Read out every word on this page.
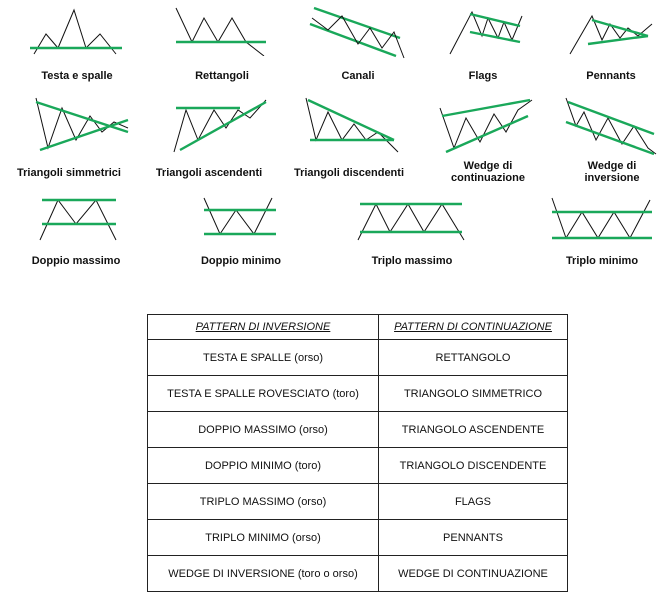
Testa e spalle	Rettangoli	Canali	Flags	Pennants
Triangoli simmetrici	Triangoli ascendenti	Triangoli discendenti
Wedge di continuazione
Wedge di inversione
Doppio massimo	Doppio minimo	Triplo massimo	Triplo minimo
PATTERN DI INVERSIONE	PATTERN DI CONTINUAZIONE
TESTA E SPALLE (orso)	RETTANGOLO
TESTA E SPALLE ROVESCIATO (toro)	TRIANGOLO SIMMETRICO
DOPPIO MASSIMO (orso)	TRIANGOLO ASCENDENTE
DOPPIO MINIMO (toro)	TRIANGOLO DISCENDENTE
TRIPLO MASSIMO (orso)	FLAGS
TRIPLO MINIMO (orso)	PENNANTS
WEDGE DI INVERSIONE (toro o orso)	WEDGE DI CONTINUAZIONE
